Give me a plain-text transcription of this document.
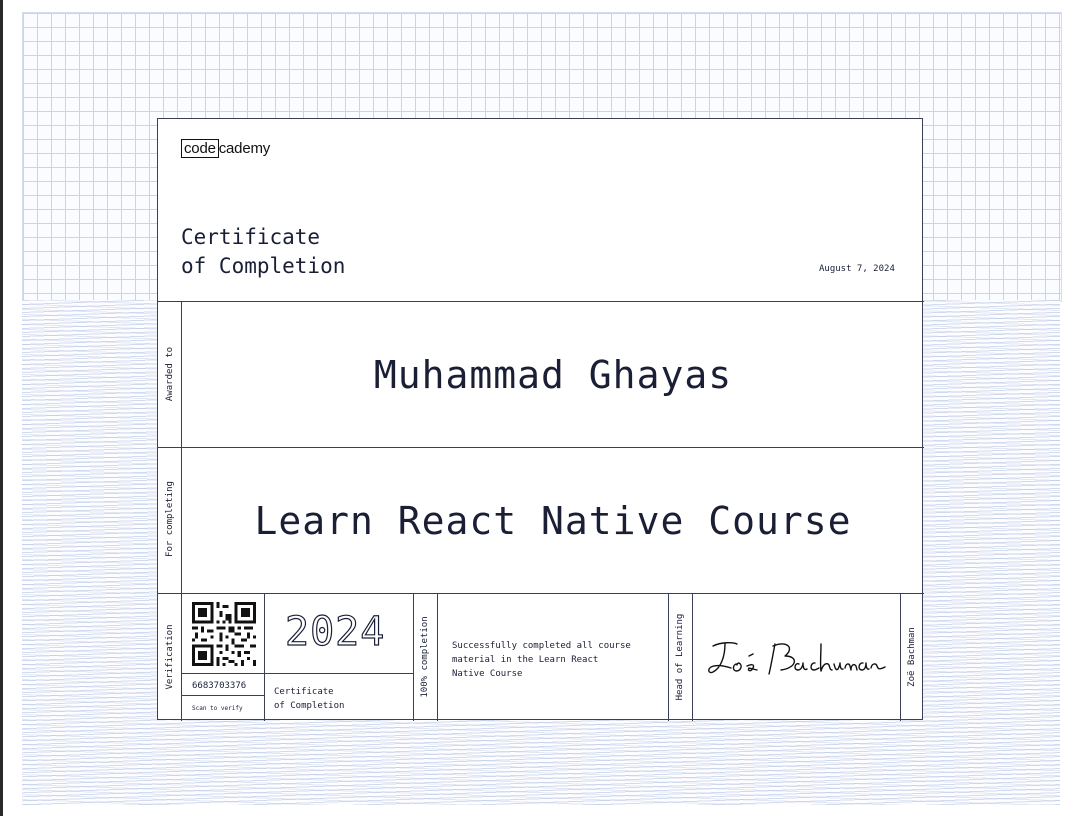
code cademy
Certificate
of Completion	August 7, 2024
Awarded to
For completing
Verification	100% completion	Head of Learning	Zoë Bachman
Muhammad Ghayas
Learn React Native Course
6683703376
Scan to verify
2024
Certificate
of Completion
Successfully completed all course
material in the Learn React
Native Course
